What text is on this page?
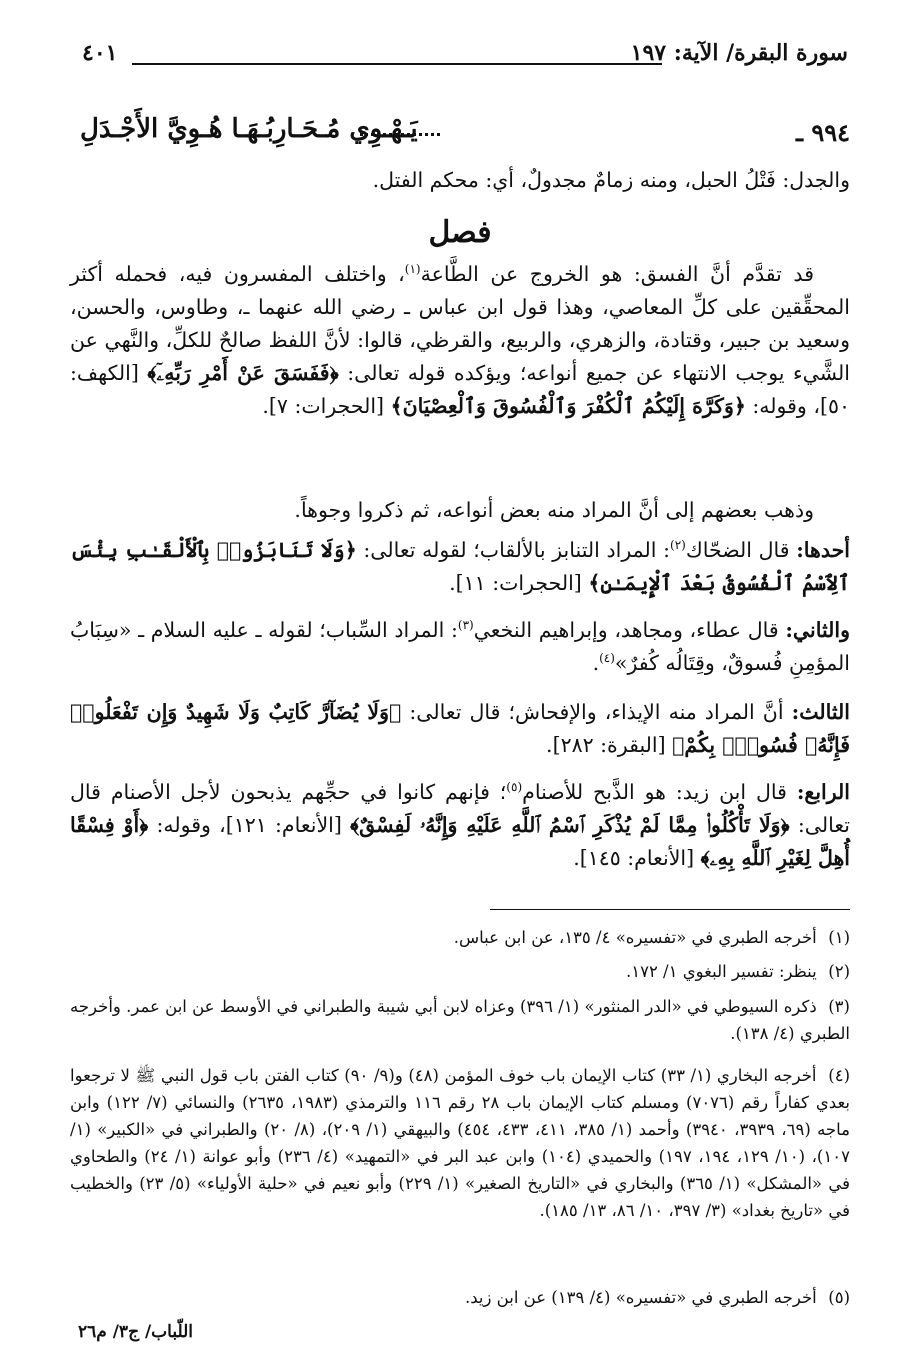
سورة البقرة/ الآية: ١٩٧
٤٠١
٩٩٤ ـ
يَـهْـوِي مُـحَـارِبُـهَـا هُـوِيَّ الأَجْـدَلِ
والجدل: فَتْلُ الحبل، ومنه زمامٌ مجدولٌ، أي: محكم الفتل.
فصل
قد تقدَّم أنَّ الفسق: هو الخروج عن الطَّاعة$^{(١)}$، واختلف المفسرون فيه، فحمله أكثر المحقِّقين على كلِّ المعاصي، وهذا قول ابن عباس ـ رضي الله عنهما ـ، وطاوس، والحسن، وسعيد بن جبير، وقتادة، والزهري، والربيع، والقرظي، قالوا: لأنَّ اللفظ صالحٌ للكلِّ، والنَّهي عن الشَّيء يوجب الانتهاء عن جميع أنواعه؛ ويؤكده قوله تعالى: ﴿فَفَسَقَ عَنْ أَمْرِ رَبِّهِۦٓ﴾ [الكهف: ٥٠]، وقوله: ﴿وَكَرَّهَ إِلَيْكُمُ ٱلْكُفْرَ وَٱلْفُسُوقَ وَٱلْعِصْيَانَ﴾ [الحجرات: ٧].
وذهب بعضهم إلى أنَّ المراد منه بعض أنواعه، ثم ذكروا وجوهاً.
أحدها: قال الضحّاك$^{(٢)}$: المراد التنابز بالألقاب؛ لقوله تعالى: ﴿وَلَا تَنَابَزُوا۟ بِٱلْأَلْقَـٰبِ بِئْسَ ٱلِٱسْمُ ٱلْفُسُوقُ بَعْدَ ٱلْإِيمَـٰنِ﴾ [الحجرات: ١١].
والثاني: قال عطاء، ومجاهد، وإبراهيم النخعي$^{(٣)}$: المراد السِّباب؛ لقوله ـ عليه السلام ـ «سِبَابُ المؤمِنِ فُسوقٌ، وقِتَالُه كُفرٌ»$^{(٤)}$.
الثالث: أنَّ المراد منه الإيذاء، والإفحاش؛ قال تعالى: ﴿وَلَا يُضَآرَّ كَاتِبٌ وَلَا شَهِيدٌ وَإِن تَفْعَلُوا۟ فَإِنَّهُۥ فُسُوقٌۢ بِكُمْ﴾ [البقرة: ٢٨٢].
الرابع: قال ابن زيد: هو الذَّبح للأصنام$^{(٥)}$؛ فإنهم كانوا في حجِّهم يذبحون لأجل الأصنام قال تعالى: ﴿وَلَا تَأْكُلُوا۟ مِمَّا لَمْ يُذْكَرِ ٱسْمُ ٱللَّهِ عَلَيْهِ وَإِنَّهُۥ لَفِسْقٌ﴾ [الأنعام: ١٢١]، وقوله: ﴿أَوْ فِسْقًا أُهِلَّ لِغَيْرِ ٱللَّهِ بِهِۦ﴾ [الأنعام: ١٤٥].
(١) أخرجه الطبري في «تفسيره» ٤/ ١٣٥، عن ابن عباس.
(٢) ينظر: تفسير البغوي ١/ ١٧٢.
(٣) ذكره السيوطي في «الدر المنثور» (١/ ٣٩٦) وعزاه لابن أبي شيبة والطبراني في الأوسط عن ابن عمر. وأخرجه الطبري (٤/ ١٣٨).
(٤) أخرجه البخاري (١/ ٣٣) كتاب الإيمان باب خوف المؤمن (٤٨) و(٩/ ٩٠) كتاب الفتن باب قول النبي ﷺ لا ترجعوا بعدي كفاراً رقم (٧٠٧٦) ومسلم كتاب الإيمان باب ٢٨ رقم ١١٦ والترمذي (١٩٨٣، ٢٦٣٥) والنسائي (٧/ ١٢٢) وابن ماجه (٦٩، ٣٩٣٩، ٣٩٤٠) وأحمد (١/ ٣٨٥، ٤١١، ٤٣٣، ٤٥٤) والبيهقي (١/ ٢٠٩)، (٨/ ٢٠) والطبراني في «الكبير» (١/ ١٠٧)، (١٠/ ١٢٩، ١٩٤، ١٩٧) والحميدي (١٠٤) وابن عبد البر في «التمهيد» (٤/ ٢٣٦) وأبو عوانة (١/ ٢٤) والطحاوي في «المشكل» (١/ ٣٦٥) والبخاري في «التاريخ الصغير» (١/ ٢٢٩) وأبو نعيم في «حلية الأولياء» (٥/ ٢٣) والخطيب في «تاريخ بغداد» (٣/ ٣٩٧، ١٠/ ٨٦، ١٣/ ١٨٥).
(٥) أخرجه الطبري في «تفسيره» (٤/ ١٣٩) عن ابن زيد.
اللّباب/ ج٣/ م٢٦
